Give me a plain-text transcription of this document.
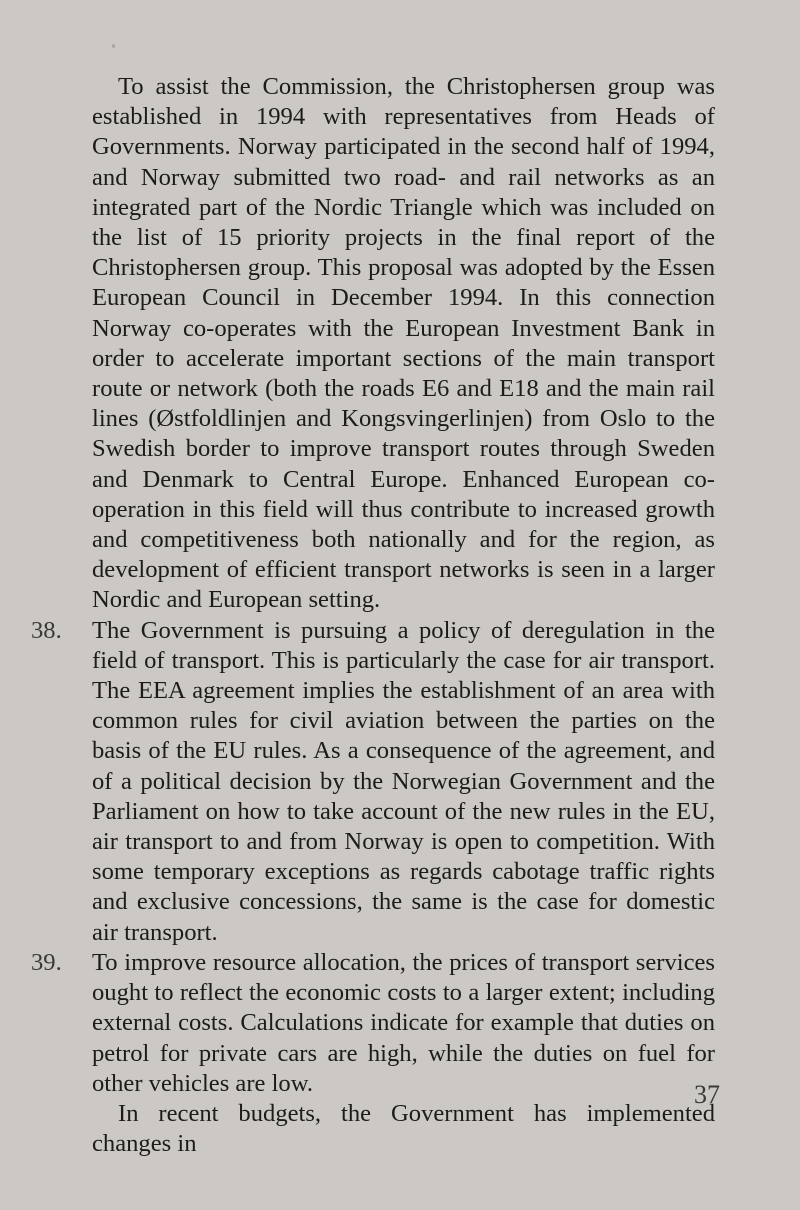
To assist the Commission, the Christophersen group was established in 1994 with representatives from Heads of Governments. Norway participated in the second half of 1994, and Norway submitted two road- and rail networks as an integrated part of the Nordic Triangle which was included on the list of 15 priority projects in the final report of the Christophersen group. This proposal was adopted by the Essen European Council in December 1994. In this connection Norway co-operates with the European Investment Bank in order to accelerate important sections of the main transport route or network (both the roads E6 and E18 and the main rail lines (Østfoldlinjen and Kongsvingerlinjen) from Oslo to the Swedish border to improve transport routes through Sweden and Denmark to Central Europe. Enhanced European co-operation in this field will thus contribute to increased growth and competitiveness both nationally and for the region, as development of efficient transport networks is seen in a larger Nordic and European setting.

38.	The Government is pursuing a policy of deregulation in the field of transport. This is particularly the case for air transport. The EEA agreement implies the establishment of an area with common rules for civil aviation between the parties on the basis of the EU rules. As a consequence of the agreement, and of a political decision by the Norwegian Government and the Parliament on how to take account of the new rules in the EU, air transport to and from Norway is open to competition. With some temporary exceptions as regards cabotage traffic rights and exclusive concessions, the same is the case for domestic air transport.
39.	To improve resource allocation, the prices of transport services ought to reflect the economic costs to a larger extent; including external costs. Calculations indicate for example that duties on petrol for private cars are high, while the duties on fuel for other vehicles are low.

In recent budgets, the Government has implemented changes in

37
